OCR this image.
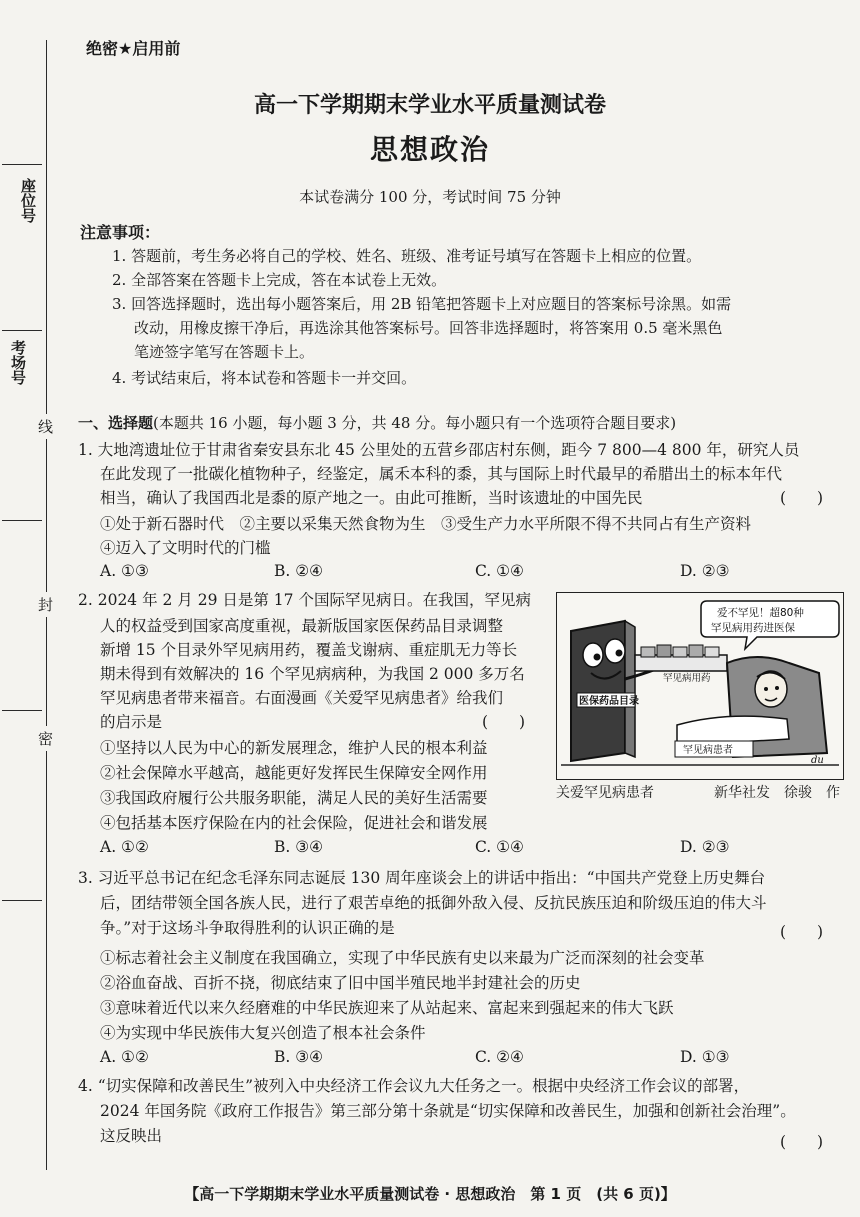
座位号
考场号
线
封
密
绝密★启用前
高一下学期期末学业水平质量测试卷
思想政治
本试卷满分 100 分，考试时间 75 分钟
注意事项：
1. 答题前，考生务必将自己的学校、姓名、班级、准考证号填写在答题卡上相应的位置。
2. 全部答案在答题卡上完成，答在本试卷上无效。
3. 回答选择题时，选出每小题答案后，用 2B 铅笔把答题卡上对应题目的答案标号涂黑。如需
改动，用橡皮擦干净后，再选涂其他答案标号。回答非选择题时，将答案用 0.5 毫米黑色
笔迹签字笔写在答题卡上。
4. 考试结束后，将本试卷和答题卡一并交回。
一、选择题(本题共 16 小题，每小题 3 分，共 48 分。每小题只有一个选项符合题目要求)
1. 大地湾遗址位于甘肃省秦安县东北 45 公里处的五营乡邵店村东侧，距今 7 800—4 800 年，研究人员
在此发现了一批碳化植物种子，经鉴定，属禾本科的黍，其与国际上时代最早的希腊出土的标本年代
相当，确认了我国西北是黍的原产地之一。由此可推断，当时该遗址的中国先民	(　　)
①处于新石器时代　②主要以采集天然食物为生　③受生产力水平所限不得不共同占有生产资料
④迈入了文明时代的门槛
A. ①③	B. ②④	C. ①④	D. ②③
2. 2024 年 2 月 29 日是第 17 个国际罕见病日。在我国，罕见病
人的权益受到国家高度重视，最新版国家医保药品目录调整
新增 15 个目录外罕见病用药，覆盖戈谢病、重症肌无力等长
期未得到有效解决的 16 个罕见病病种，为我国 2 000 多万名
罕见病患者带来福音。右面漫画《关爱罕见病患者》给我们
的启示是	(　　)
①坚持以人民为中心的新发展理念，维护人民的根本利益
②社会保障水平越高，越能更好发挥民生保障安全网作用
③我国政府履行公共服务职能，满足人民的美好生活需要
④包括基本医疗保险在内的社会保险，促进社会和谐发展
A. ①②	B. ③④	C. ①④	D. ②③
爱不罕见！超80种
罕见病用药进医保
罕见病用药
医保药品目录
罕见病患者
du
关爱罕见病患者	新华社发　徐骏　作
3. 习近平总书记在纪念毛泽东同志诞辰 130 周年座谈会上的讲话中指出：“中国共产党登上历史舞台
后，团结带领全国各族人民，进行了艰苦卓绝的抵御外敌入侵、反抗民族压迫和阶级压迫的伟大斗
争。”对于这场斗争取得胜利的认识正确的是	(　　)
①标志着社会主义制度在我国确立，实现了中华民族有史以来最为广泛而深刻的社会变革
②浴血奋战、百折不挠，彻底结束了旧中国半殖民地半封建社会的历史
③意味着近代以来久经磨难的中华民族迎来了从站起来、富起来到强起来的伟大飞跃
④为实现中华民族伟大复兴创造了根本社会条件
A. ①②	B. ③④	C. ②④	D. ①③
4. “切实保障和改善民生”被列入中央经济工作会议九大任务之一。根据中央经济工作会议的部署，
2024 年国务院《政府工作报告》第三部分第十条就是“切实保障和改善民生，加强和创新社会治理”。
这反映出	(　　)
【高一下学期期末学业水平质量测试卷 · 思想政治　第 1 页　(共 6 页)】
